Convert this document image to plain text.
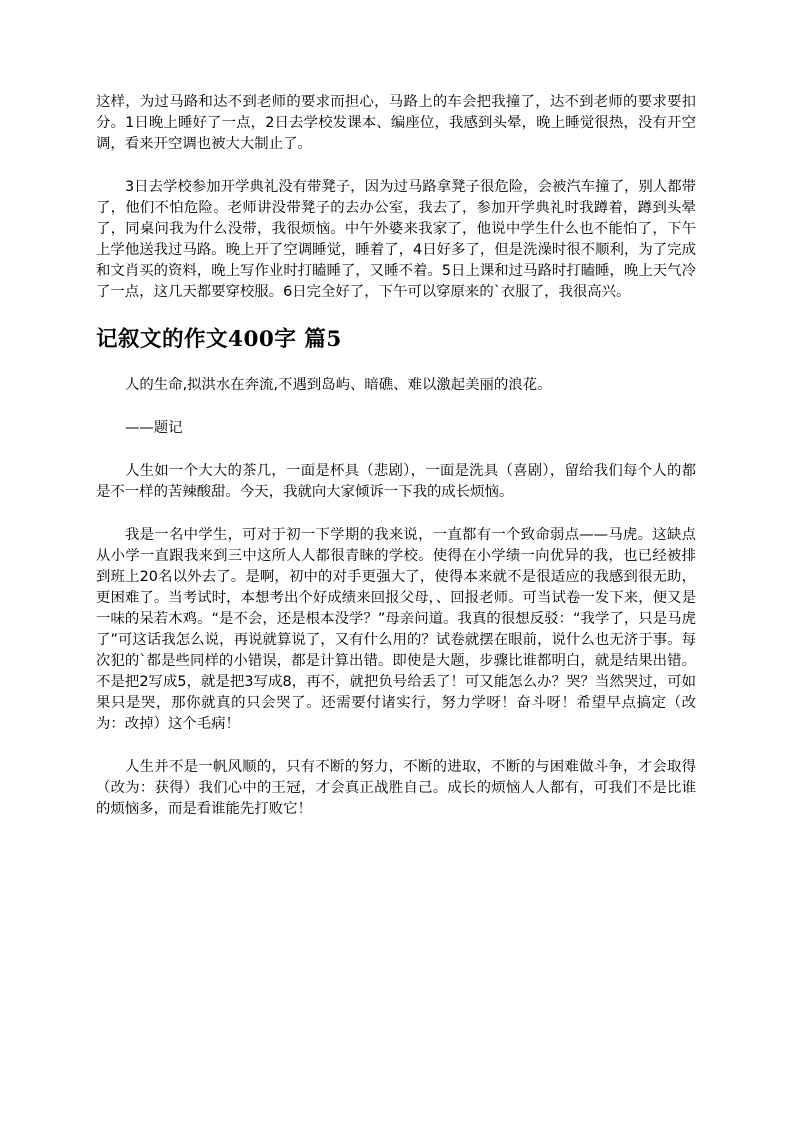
这样，为过马路和达不到老师的要求而担心，马路上的车会把我撞了，达不到老师的要求要扣分。1日晚上睡好了一点，2日去学校发课本、编座位，我感到头晕，晚上睡觉很热，没有开空调，看来开空调也被大大制止了。

3日去学校参加开学典礼没有带凳子，因为过马路拿凳子很危险，会被汽车撞了，别人都带了，他们不怕危险。老师讲没带凳子的去办公室，我去了，参加开学典礼时我蹲着，蹲到头晕了，同桌问我为什么没带，我很烦恼。中午外婆来我家了，他说中学生什么也不能怕了，下午上学他送我过马路。晚上开了空调睡觉，睡着了，4日好多了，但是洗澡时很不顺利，为了完成和文肖买的资料，晚上写作业时打瞌睡了，又睡不着。5日上课和过马路时打瞌睡，晚上天气冷了一点，这几天都要穿校服。6日完全好了，下午可以穿原来的`衣服了，我很高兴。

记叙文的作文400字 篇5

人的生命,拟洪水在奔流,不遇到岛屿、暗礁、难以激起美丽的浪花。

——题记

人生如一个大大的茶几，一面是杯具（悲剧），一面是洗具（喜剧），留给我们每个人的都是不一样的苦辣酸甜。今天，我就向大家倾诉一下我的成长烦恼。

我是一名中学生，可对于初一下学期的我来说，一直都有一个致命弱点——马虎。这缺点从小学一直跟我来到三中这所人人都很青睐的学校。使得在小学绩一向优异的我，也已经被排到班上20名以外去了。是啊，初中的对手更强大了，使得本来就不是很适应的我感到很无助，更困难了。当考试时，本想考出个好成绩来回报父母，、回报老师。可当试卷一发下来，便又是一味的呆若木鸡。“是不会，还是根本没学？”母亲问道。我真的很想反驳：“我学了，只是马虎了”可这话我怎么说，再说就算说了，又有什么用的？试卷就摆在眼前，说什么也无济于事。每次犯的`都是些同样的小错误，都是计算出错。即使是大题，步骤比谁都明白，就是结果出错。不是把2写成5，就是把3写成8，再不，就把负号给丢了！可又能怎么办？哭？当然哭过，可如果只是哭，那你就真的只会哭了。还需要付诸实行，努力学呀！奋斗呀！希望早点搞定（改为：改掉）这个毛病！

人生并不是一帆风顺的，只有不断的努力，不断的进取，不断的与困难做斗争，才会取得（改为：获得）我们心中的王冠，才会真正战胜自己。成长的烦恼人人都有，可我们不是比谁的烦恼多，而是看谁能先打败它！
